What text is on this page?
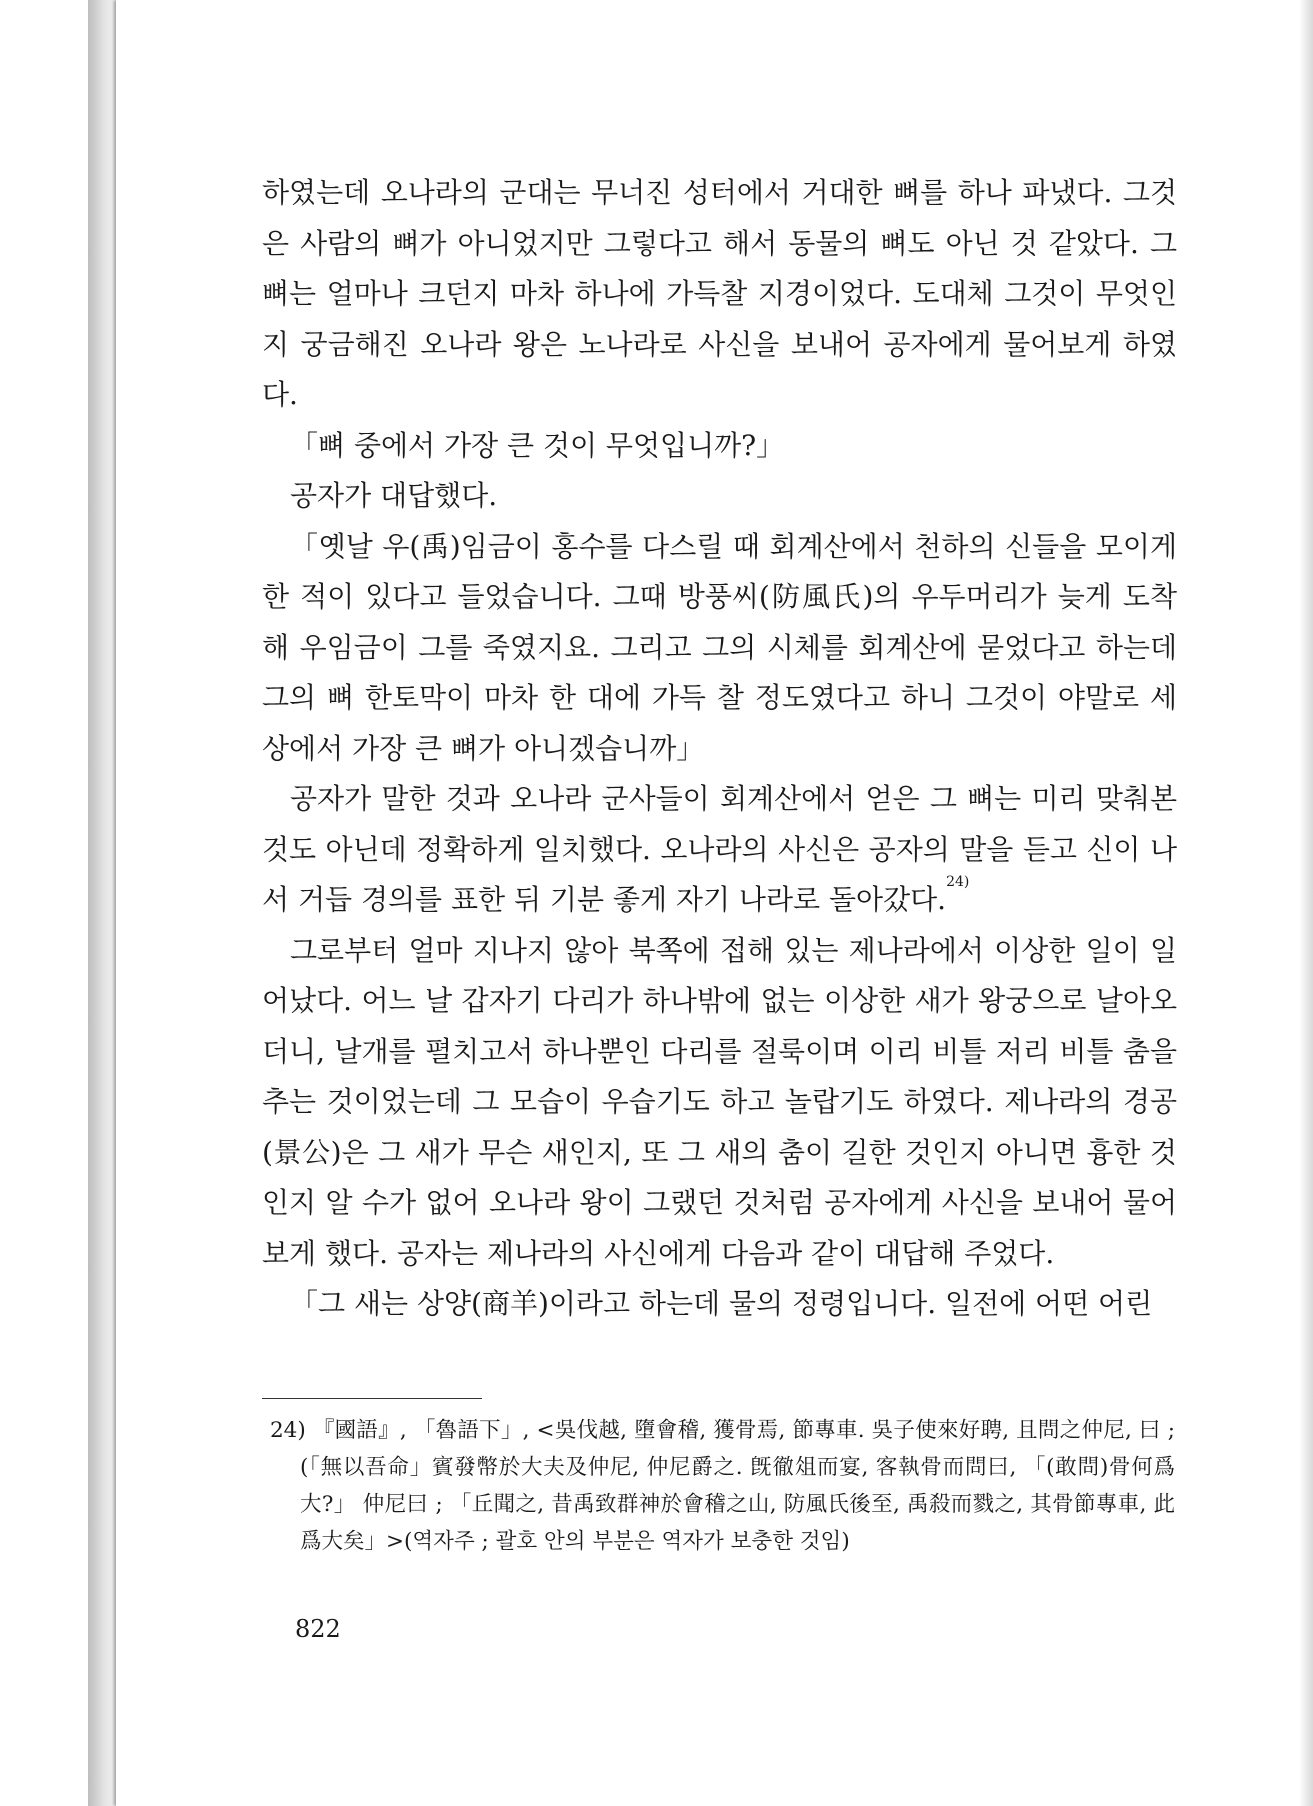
하였는데 오나라의 군대는 무너진 성터에서 거대한 뼈를 하나 파냈다. 그것은 사람의 뼈가 아니었지만 그렇다고 해서 동물의 뼈도 아닌 것 같았다. 그 뼈는 얼마나 크던지 마차 하나에 가득찰 지경이었다. 도대체 그것이 무엇인지 궁금해진 오나라 왕은 노나라로 사신을 보내어 공자에게 물어보게 하였다.

「뼈 중에서 가장 큰 것이 무엇입니까?」

공자가 대답했다.

「옛날 우(禹)임금이 홍수를 다스릴 때 회계산에서 천하의 신들을 모이게 한 적이 있다고 들었습니다. 그때 방풍씨(防風氏)의 우두머리가 늦게 도착해 우임금이 그를 죽였지요. 그리고 그의 시체를 회계산에 묻었다고 하는데 그의 뼈 한토막이 마차 한 대에 가득 찰 정도였다고 하니 그것이 야말로 세상에서 가장 큰 뼈가 아니겠습니까」

공자가 말한 것과 오나라 군사들이 회계산에서 얻은 그 뼈는 미리 맞춰본 것도 아닌데 정확하게 일치했다. 오나라의 사신은 공자의 말을 듣고 신이 나서 거듭 경의를 표한 뒤 기분 좋게 자기 나라로 돌아갔다.$^{24)}$

그로부터 얼마 지나지 않아 북쪽에 접해 있는 제나라에서 이상한 일이 일어났다. 어느 날 갑자기 다리가 하나밖에 없는 이상한 새가 왕궁으로 날아오더니, 날개를 펼치고서 하나뿐인 다리를 절룩이며 이리 비틀 저리 비틀 춤을 추는 것이었는데 그 모습이 우습기도 하고 놀랍기도 하였다. 제나라의 경공(景公)은 그 새가 무슨 새인지, 또 그 새의 춤이 길한 것인지 아니면 흉한 것인지 알 수가 없어 오나라 왕이 그랬던 것처럼 공자에게 사신을 보내어 물어 보게 했다. 공자는 제나라의 사신에게 다음과 같이 대답해 주었다.

「그 새는 상양(商羊)이라고 하는데 물의 정령입니다. 일전에 어떤 어린

24) 『國語』, 「魯語下」, <吳伐越, 墮會稽, 獲骨焉, 節專車. 吳子使來好聘, 且問之仲尼, 曰 ; (「無以吾命」賓發幣於大夫及仲尼, 仲尼爵之. 旣徹俎而宴, 客執骨而問曰, 「(敢問)骨何爲大?」 仲尼曰 ; 「丘聞之, 昔禹致群神於會稽之山, 防風氏後至, 禹殺而戮之, 其骨節專車, 此爲大矣」>(역자주 ; 괄호 안의 부분은 역자가 보충한 것임)

822
